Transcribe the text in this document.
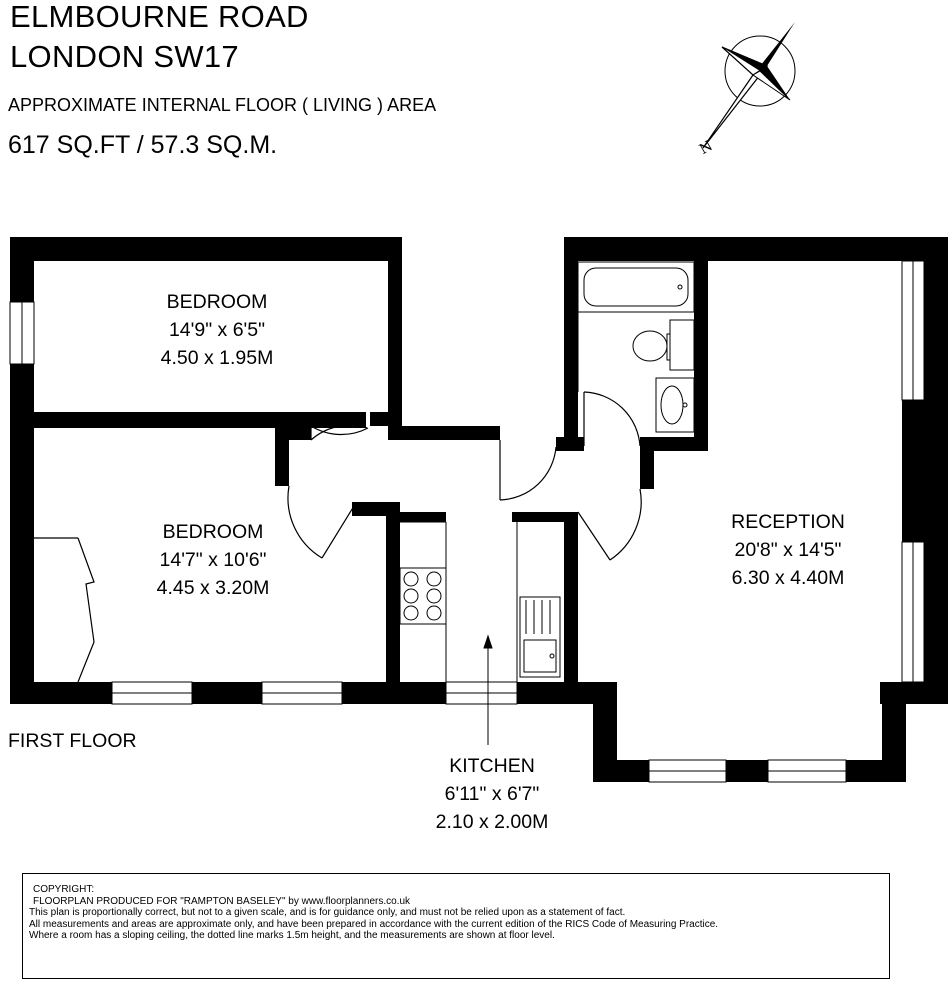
ELMBOURNE ROAD
LONDON SW17
APPROXIMATE INTERNAL FLOOR ( LIVING ) AREA
617 SQ.FT / 57.3 SQ.M.
BEDROOM
14'9" x 6'5"
4.50 x 1.95M
BEDROOM
14'7" x 10'6"
4.45 x 3.20M
RECEPTION
20'8" x 14'5"
6.30 x 4.40M
KITCHEN
6'11" x 6'7"
2.10 x 2.00M
FIRST FLOOR
N
COPYRIGHT:
FLOORPLAN PRODUCED FOR "RAMPTON BASELEY" by www.floorplanners.co.uk
This plan is proportionally correct, but not to a given scale, and is for guidance only, and must not be relied upon as a statement of fact.
All measurements and areas are approximate only, and have been prepared in accordance with the current edition of the RICS Code of Measuring Practice.
Where a room has a sloping ceiling, the dotted line marks 1.5m height, and the measurements are shown at floor level.
